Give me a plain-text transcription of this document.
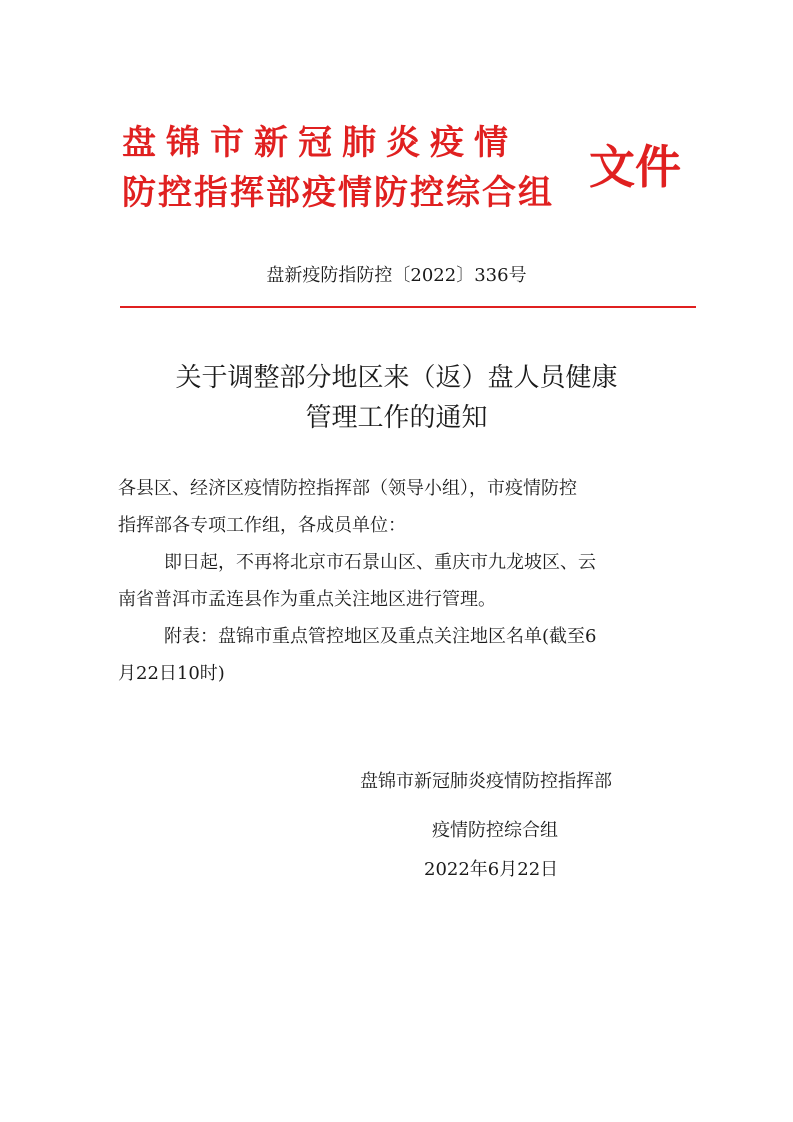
盘锦市新冠肺炎疫情
防控指挥部疫情防控综合组 文件
盘新疫防指防控〔2022〕336号
关于调整部分地区来（返）盘人员健康
管理工作的通知

各县区、经济区疫情防控指挥部（领导小组），市疫情防控

指挥部各专项工作组，各成员单位：

即日起，不再将北京市石景山区、重庆市九龙坡区、云

南省普洱市孟连县作为重点关注地区进行管理。

附表：盘锦市重点管控地区及重点关注地区名单(截至6

月22日10时)

盘锦市新冠肺炎疫情防控指挥部
疫情防控综合组
2022年6月22日
